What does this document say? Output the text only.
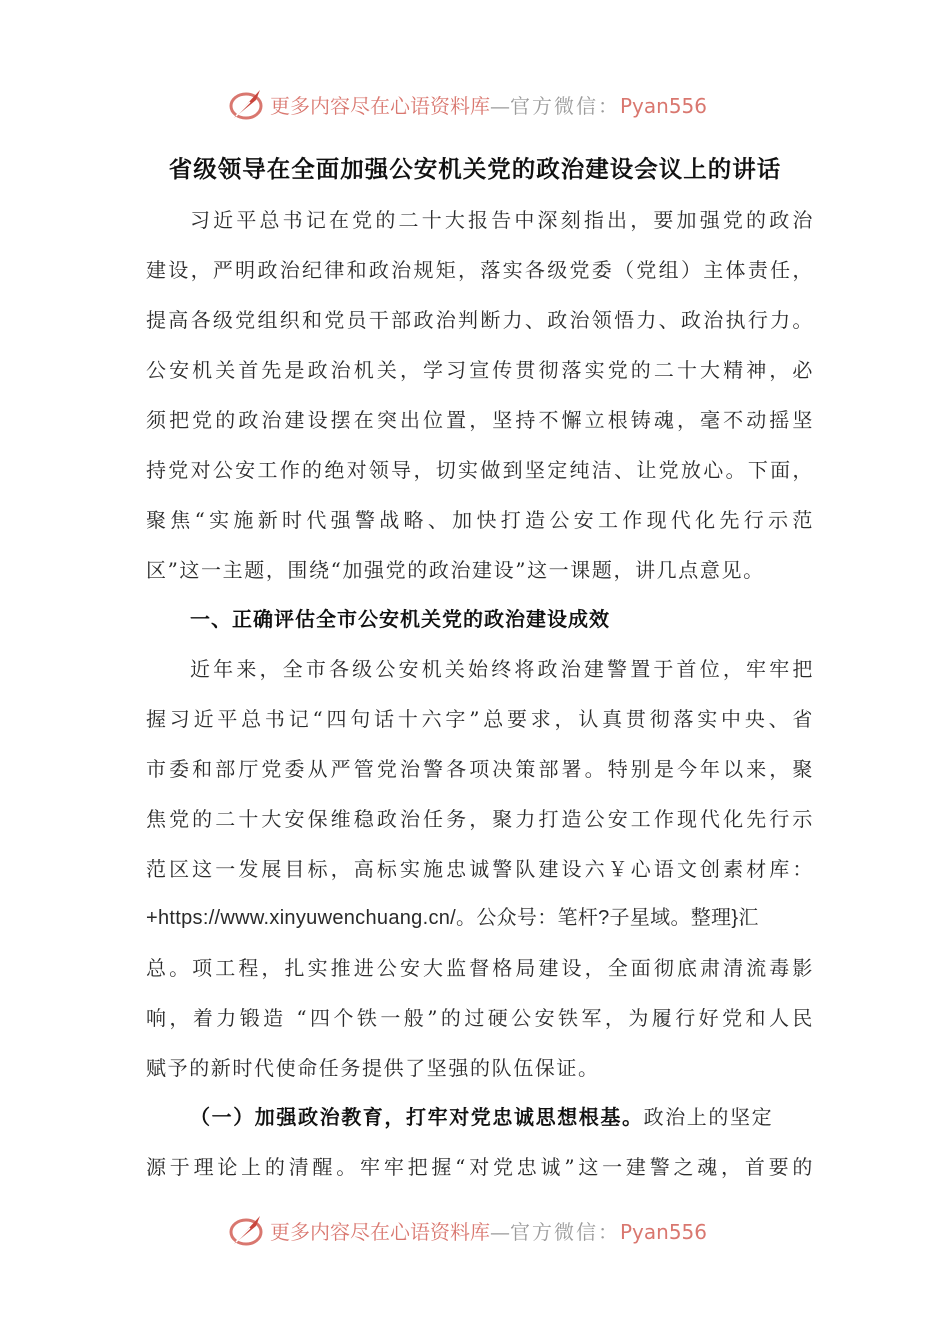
更多内容尽在心语资料库—官方微信：Pyan556
省级领导在全面加强公安机关党的政治建设会议上的讲话
习近平总书记在党的二十大报告中深刻指出，要加强党的政治
建设，严明政治纪律和政治规矩，落实各级党委（党组）主体责任，
提高各级党组织和党员干部政治判断力、政治领悟力、政治执行力。
公安机关首先是政治机关，学习宣传贯彻落实党的二十大精神，必
须把党的政治建设摆在突出位置，坚持不懈立根铸魂，毫不动摇坚
持党对公安工作的绝对领导，切实做到坚定纯洁、让党放心。下面，
聚焦“实施新时代强警战略、加快打造公安工作现代化先行示范
区”这一主题，围绕“加强党的政治建设”这一课题，讲几点意见。
一、正确评估全市公安机关党的政治建设成效
近年来，全市各级公安机关始终将政治建警置于首位，牢牢把
握习近平总书记“四句话十六字”总要求，认真贯彻落实中央、省
市委和部厅党委从严管党治警各项决策部署。特别是今年以来，聚
焦党的二十大安保维稳政治任务，聚力打造公安工作现代化先行示
范区这一发展目标，高标实施忠诚警队建设六￥心语文创素材库：
+https://www.xinyuwenchuang.cn/。公众号：笔杆?子星域。整理}汇
总。项工程，扎实推进公安大监督格局建设，全面彻底肃清流毒影
响，着力锻造 “四个铁一般”的过硬公安铁军，为履行好党和人民
赋予的新时代使命任务提供了坚强的队伍保证。
（一）加强政治教育，打牢对党忠诚思想根基。政治上的坚定
源于理论上的清醒。牢牢把握“对党忠诚”这一建警之魂，首要的
更多内容尽在心语资料库—官方微信：Pyan556
